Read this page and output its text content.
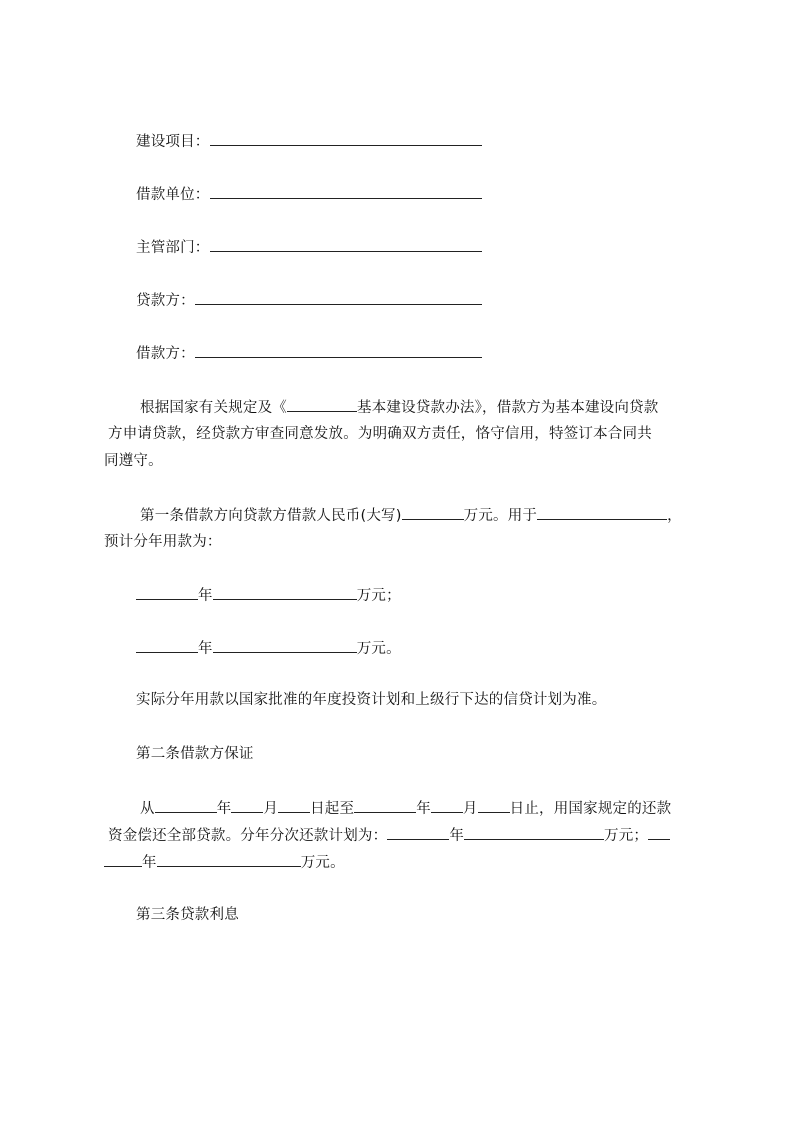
建设项目：
借款单位：
主管部门：
贷款方：
借款方：
根据国家有关规定及《	基本建设贷款办法》，借款方为基本建设向贷款
方申请贷款，经贷款方审查同意发放。为明确双方责任，恪守信用，特签订本合同共
同遵守。
第一条借款方向贷款方借款人民币(大写)	万元。用于	，
预计分年用款为：
年	万元；
年	万元。
实际分年用款以国家批准的年度投资计划和上级行下达的信贷计划为准。
第二条借款方保证
从	年 月 日起至	年 月 日止，用国家规定的还款
资金偿还全部贷款。分年分次还款计划为：	年	万元；
年	万元。
第三条贷款利息
